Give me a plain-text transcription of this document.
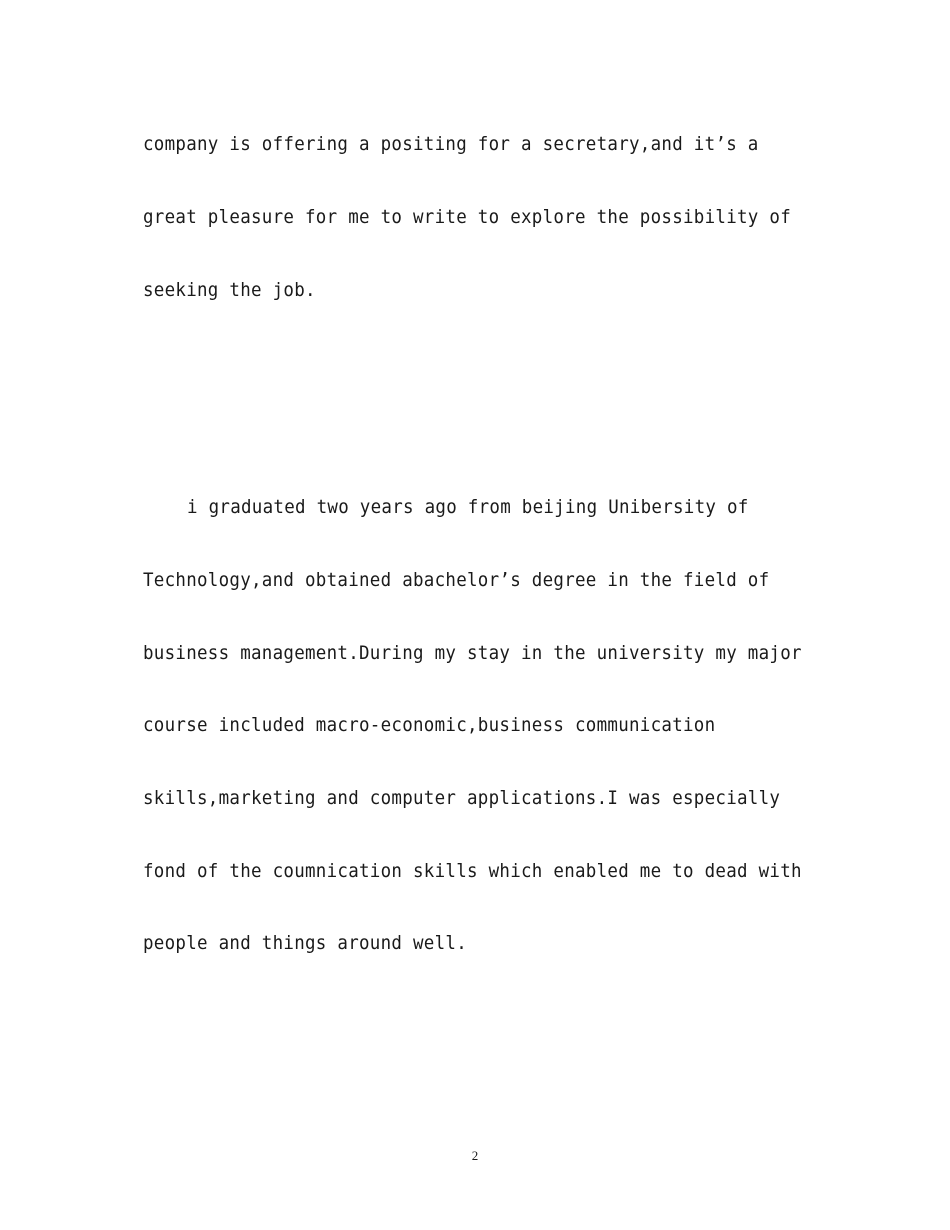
company is offering a positing for a secretary,and it’s a
great pleasure for me to write to explore the possibility of
seeking the job.
i graduated two years ago from beijing Unibersity of
Technology,and obtained abachelor’s degree in the field of
business management.During my stay in the university my major
course included macro-economic,business communication
skills,marketing and computer applications.I was especially
fond of the coumnication skills which enabled me to dead with
people and things around well.
2
